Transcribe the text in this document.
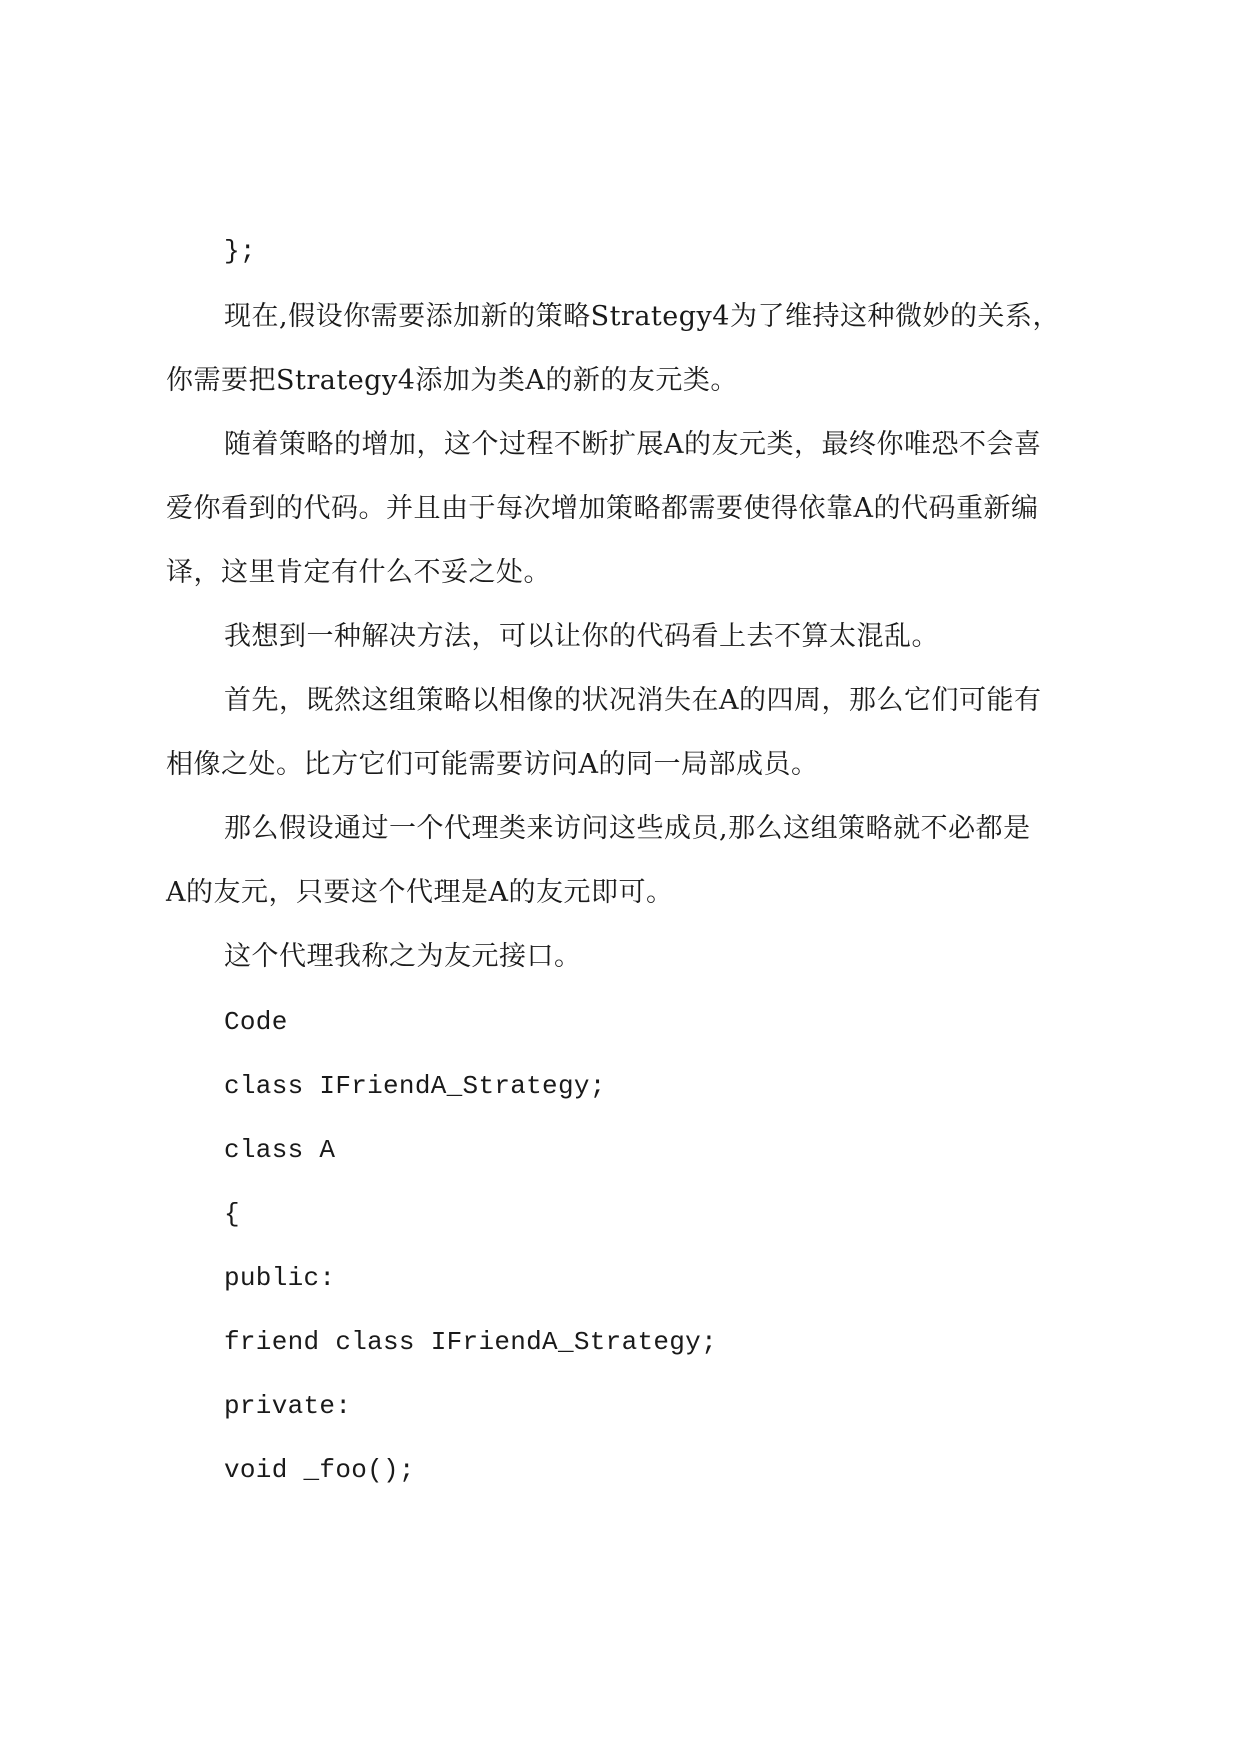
};
现在,假设你需要添加新的策略Strategy4为了维持这种微妙的关系，
你需要把Strategy4添加为类A的新的友元类。
随着策略的增加，这个过程不断扩展A的友元类，最终你唯恐不会喜
爱你看到的代码。并且由于每次增加策略都需要使得依靠A的代码重新编
译，这里肯定有什么不妥之处。
我想到一种解决方法，可以让你的代码看上去不算太混乱。
首先，既然这组策略以相像的状况消失在A的四周，那么它们可能有
相像之处。比方它们可能需要访问A的同一局部成员。
那么假设通过一个代理类来访问这些成员,那么这组策略就不必都是
A的友元，只要这个代理是A的友元即可。
这个代理我称之为友元接口。
Code
class IFriendA_Strategy;
class A
{
public:
friend class IFriendA_Strategy;
private:
void _foo();
